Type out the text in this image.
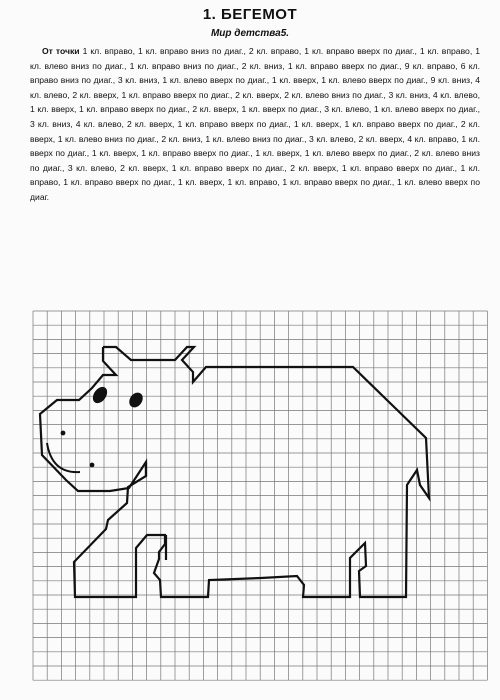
1. БЕГЕМОТ
Мир детства5.
От точки 1 кл. вправо, 1 кл. вправо вниз по диаг., 2 кл. вправо, 1 кл. вправо вверх по диаг., 1 кл. вправо, 1 кл. влево вниз по диаг., 1 кл. вправо вниз по диаг., 2 кл. вниз, 1 кл. вправо вверх по диаг., 9 кл. вправо, 6 кл. вправо вниз по диаг., 3 кл. вниз, 1 кл. влево вверх по диаг., 1 кл. вверх, 1 кл. влево вверх по диаг., 9 кл. вниз, 4 кл. влево, 2 кл. вверх, 1 кл. вправо вверх по диаг., 2 кл. вверх, 2 кл. влево вниз по диаг., 3 кл. вниз, 4 кл. влево, 1 кл. вверх, 1 кл. вправо вверх по диаг., 2 кл. вверх, 1 кл. вверх по диаг., 3 кл. влево, 1 кл. влево вверх по диаг., 3 кл. вниз, 4 кл. влево, 2 кл. вверх, 1 кл. вправо вверх по диаг., 1 кл. вверх, 1 кл. вправо вверх по диаг., 2 кл. вверх, 1 кл. влево вниз по диаг., 2 кл. вниз, 1 кл. влево вниз по диаг., 3 кл. влево, 2 кл. вверх, 4 кл. вправо, 1 кл. вверх по диаг., 1 кл. вверх, 1 кл. вправо вверх по диаг., 1 кл. вверх, 1 кл. влево вверх по диаг., 2 кл. влево вниз по диаг., 3 кл. влево, 2 кл. вверх, 1 кл. вправо вверх по диаг., 2 кл. вверх, 1 кл. вправо вверх по диаг., 1 кл. вправо, 1 кл. вправо вверх по диаг., 1 кл. вверх, 1 кл. вправо, 1 кл. вправо вверх по диаг., 1 кл. влево вверх по диаг.
